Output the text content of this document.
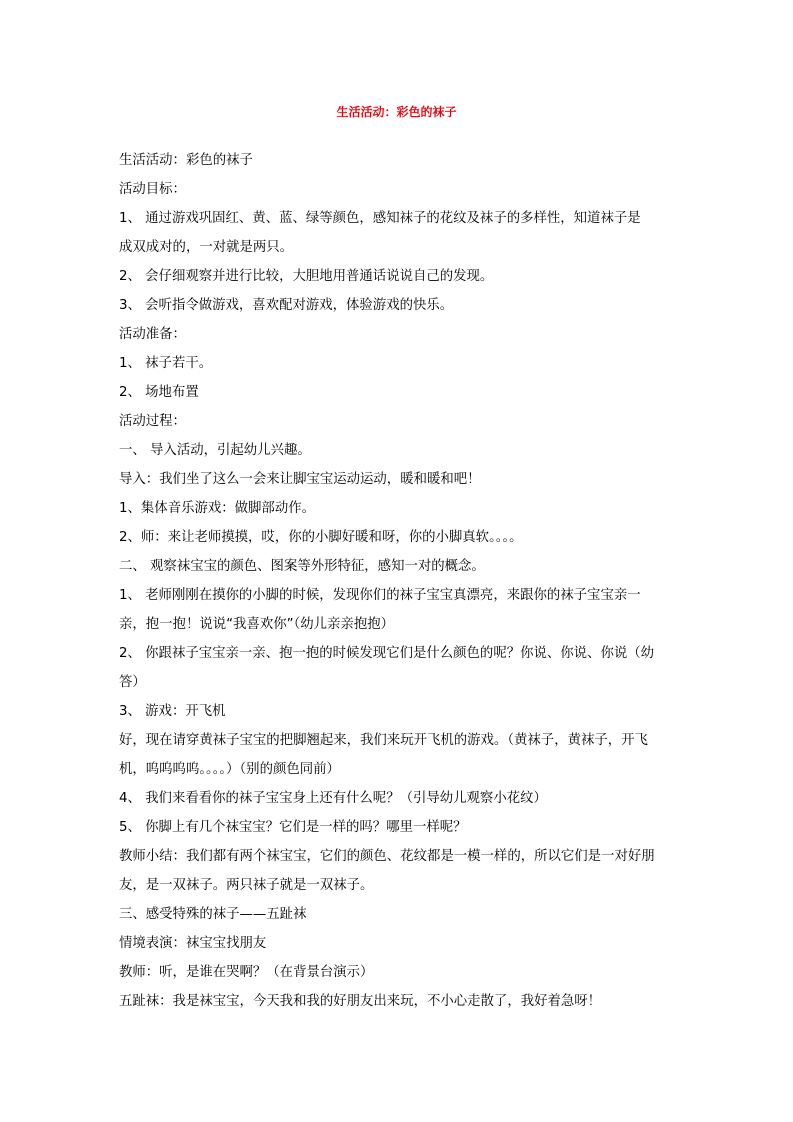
生活活动：彩色的袜子
生活活动：彩色的袜子
活动目标：
1、 通过游戏巩固红、黄、蓝、绿等颜色，感知袜子的花纹及袜子的多样性，知道袜子是
成双成对的，一对就是两只。
2、 会仔细观察并进行比较，大胆地用普通话说说自己的发现。
3、 会听指令做游戏，喜欢配对游戏，体验游戏的快乐。
活动准备：
1、 袜子若干。
2、 场地布置
活动过程：
一、 导入活动，引起幼儿兴趣。
导入：我们坐了这么一会来让脚宝宝运动运动，暖和暖和吧！
1、集体音乐游戏：做脚部动作。
2、师：来让老师摸摸，哎，你的小脚好暖和呀，你的小脚真软。。。。
二、 观察袜宝宝的颜色、图案等外形特征，感知一对的概念。
1、 老师刚刚在摸你的小脚的时候，发现你们的袜子宝宝真漂亮，来跟你的袜子宝宝亲一
亲，抱一抱！说说“我喜欢你”（幼儿亲亲抱抱）
2、 你跟袜子宝宝亲一亲、抱一抱的时候发现它们是什么颜色的呢？你说、你说、你说（幼
答）
3、 游戏：开飞机
好，现在请穿黄袜子宝宝的把脚翘起来，我们来玩开飞机的游戏。（黄袜子，黄袜子，开飞
机，呜呜呜呜。。。。）（别的颜色同前）
4、 我们来看看你的袜子宝宝身上还有什么呢？（引导幼儿观察小花纹）
5、 你脚上有几个袜宝宝？它们是一样的吗？哪里一样呢？
教师小结：我们都有两个袜宝宝，它们的颜色、花纹都是一模一样的，所以它们是一对好朋
友，是一双袜子。两只袜子就是一双袜子。
三、感受特殊的袜子——五趾袜
情境表演：袜宝宝找朋友
教师：听，是谁在哭啊？（在背景台演示）
五趾袜：我是袜宝宝，今天我和我的好朋友出来玩，不小心走散了，我好着急呀！
